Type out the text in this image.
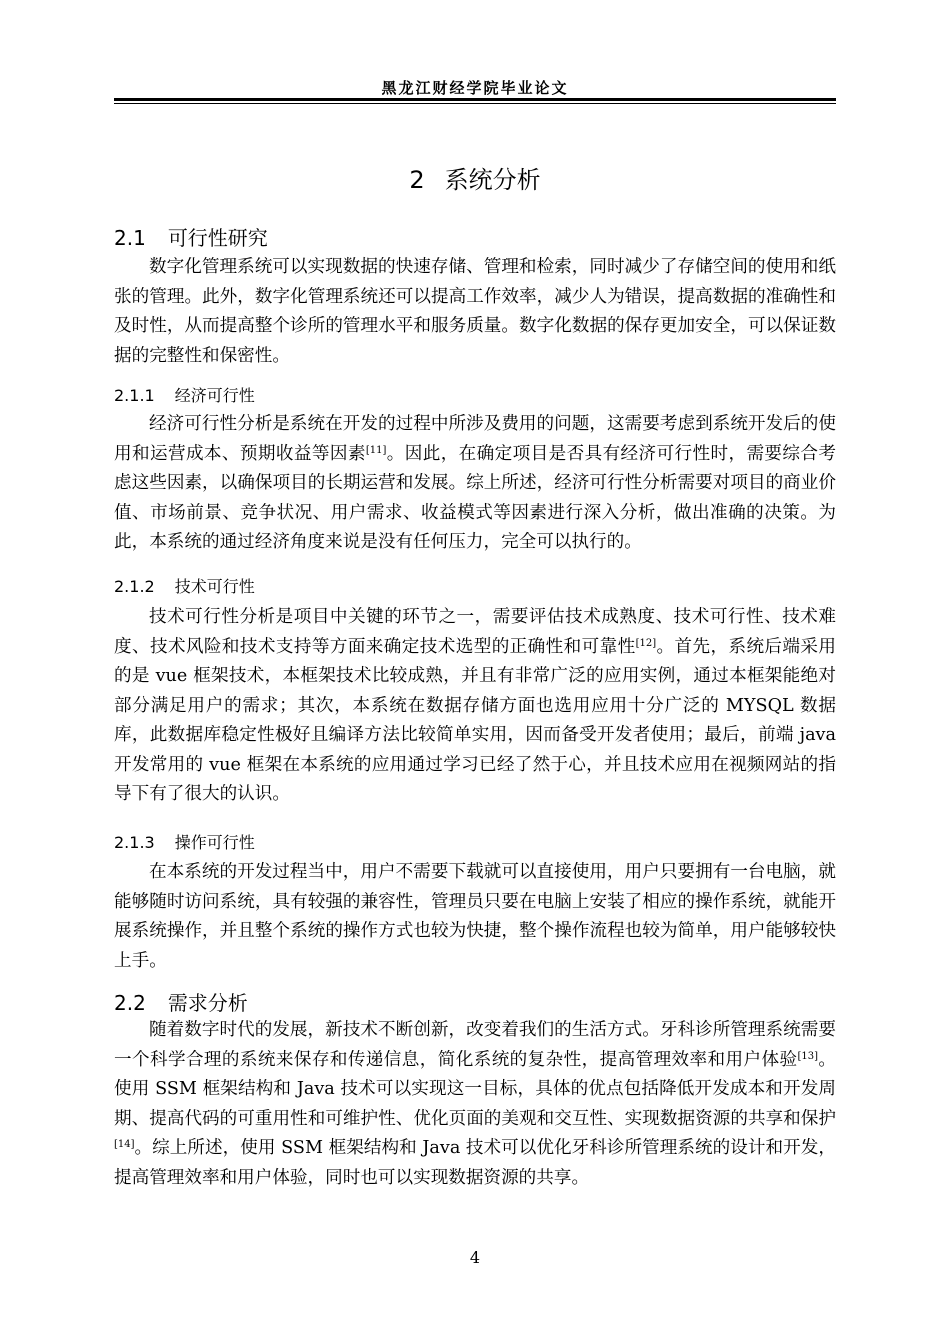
黑龙江财经学院毕业论文
2 系统分析
2.1 可行性研究

数字化管理系统可以实现数据的快速存储、管理和检索，同时减少了存储空间的使用和纸张的管理。此外，数字化管理系统还可以提高工作效率，减少人为错误，提高数据的准确性和及时性，从而提高整个诊所的管理水平和服务质量。数字化数据的保存更加安全，可以保证数据的完整性和保密性。

2.1.1 经济可行性

经济可行性分析是系统在开发的过程中所涉及费用的问题，这需要考虑到系统开发后的使用和运营成本、预期收益等因素[11]。因此，在确定项目是否具有经济可行性时，需要综合考虑这些因素，以确保项目的长期运营和发展。综上所述，经济可行性分析需要对项目的商业价值、市场前景、竞争状况、用户需求、收益模式等因素进行深入分析，做出准确的决策。为此，本系统的通过经济角度来说是没有任何压力，完全可以执行的。

2.1.2 技术可行性

技术可行性分析是项目中关键的环节之一，需要评估技术成熟度、技术可行性、技术难度、技术风险和技术支持等方面来确定技术选型的正确性和可靠性[12]。首先，系统后端采用的是 vue 框架技术，本框架技术比较成熟，并且有非常广泛的应用实例，通过本框架能绝对部分满足用户的需求；其次，本系统在数据存储方面也选用应用十分广泛的 MYSQL 数据库，此数据库稳定性极好且编译方法比较简单实用，因而备受开发者使用；最后，前端 java 开发常用的 vue 框架在本系统的应用通过学习已经了然于心，并且技术应用在视频网站的指导下有了很大的认识。

2.1.3 操作可行性

在本系统的开发过程当中，用户不需要下载就可以直接使用，用户只要拥有一台电脑，就能够随时访问系统，具有较强的兼容性，管理员只要在电脑上安装了相应的操作系统，就能开展系统操作，并且整个系统的操作方式也较为快捷，整个操作流程也较为简单，用户能够较快上手。

2.2 需求分析

随着数字时代的发展，新技术不断创新，改变着我们的生活方式。牙科诊所管理系统需要一个科学合理的系统来保存和传递信息，简化系统的复杂性，提高管理效率和用户体验[13]。使用 SSM 框架结构和 Java 技术可以实现这一目标，具体的优点包括降低开发成本和开发周期、提高代码的可重用性和可维护性、优化页面的美观和交互性、实现数据资源的共享和保护[14]。综上所述，使用 SSM 框架结构和 Java 技术可以优化牙科诊所管理系统的设计和开发，提高管理效率和用户体验，同时也可以实现数据资源的共享。

4
